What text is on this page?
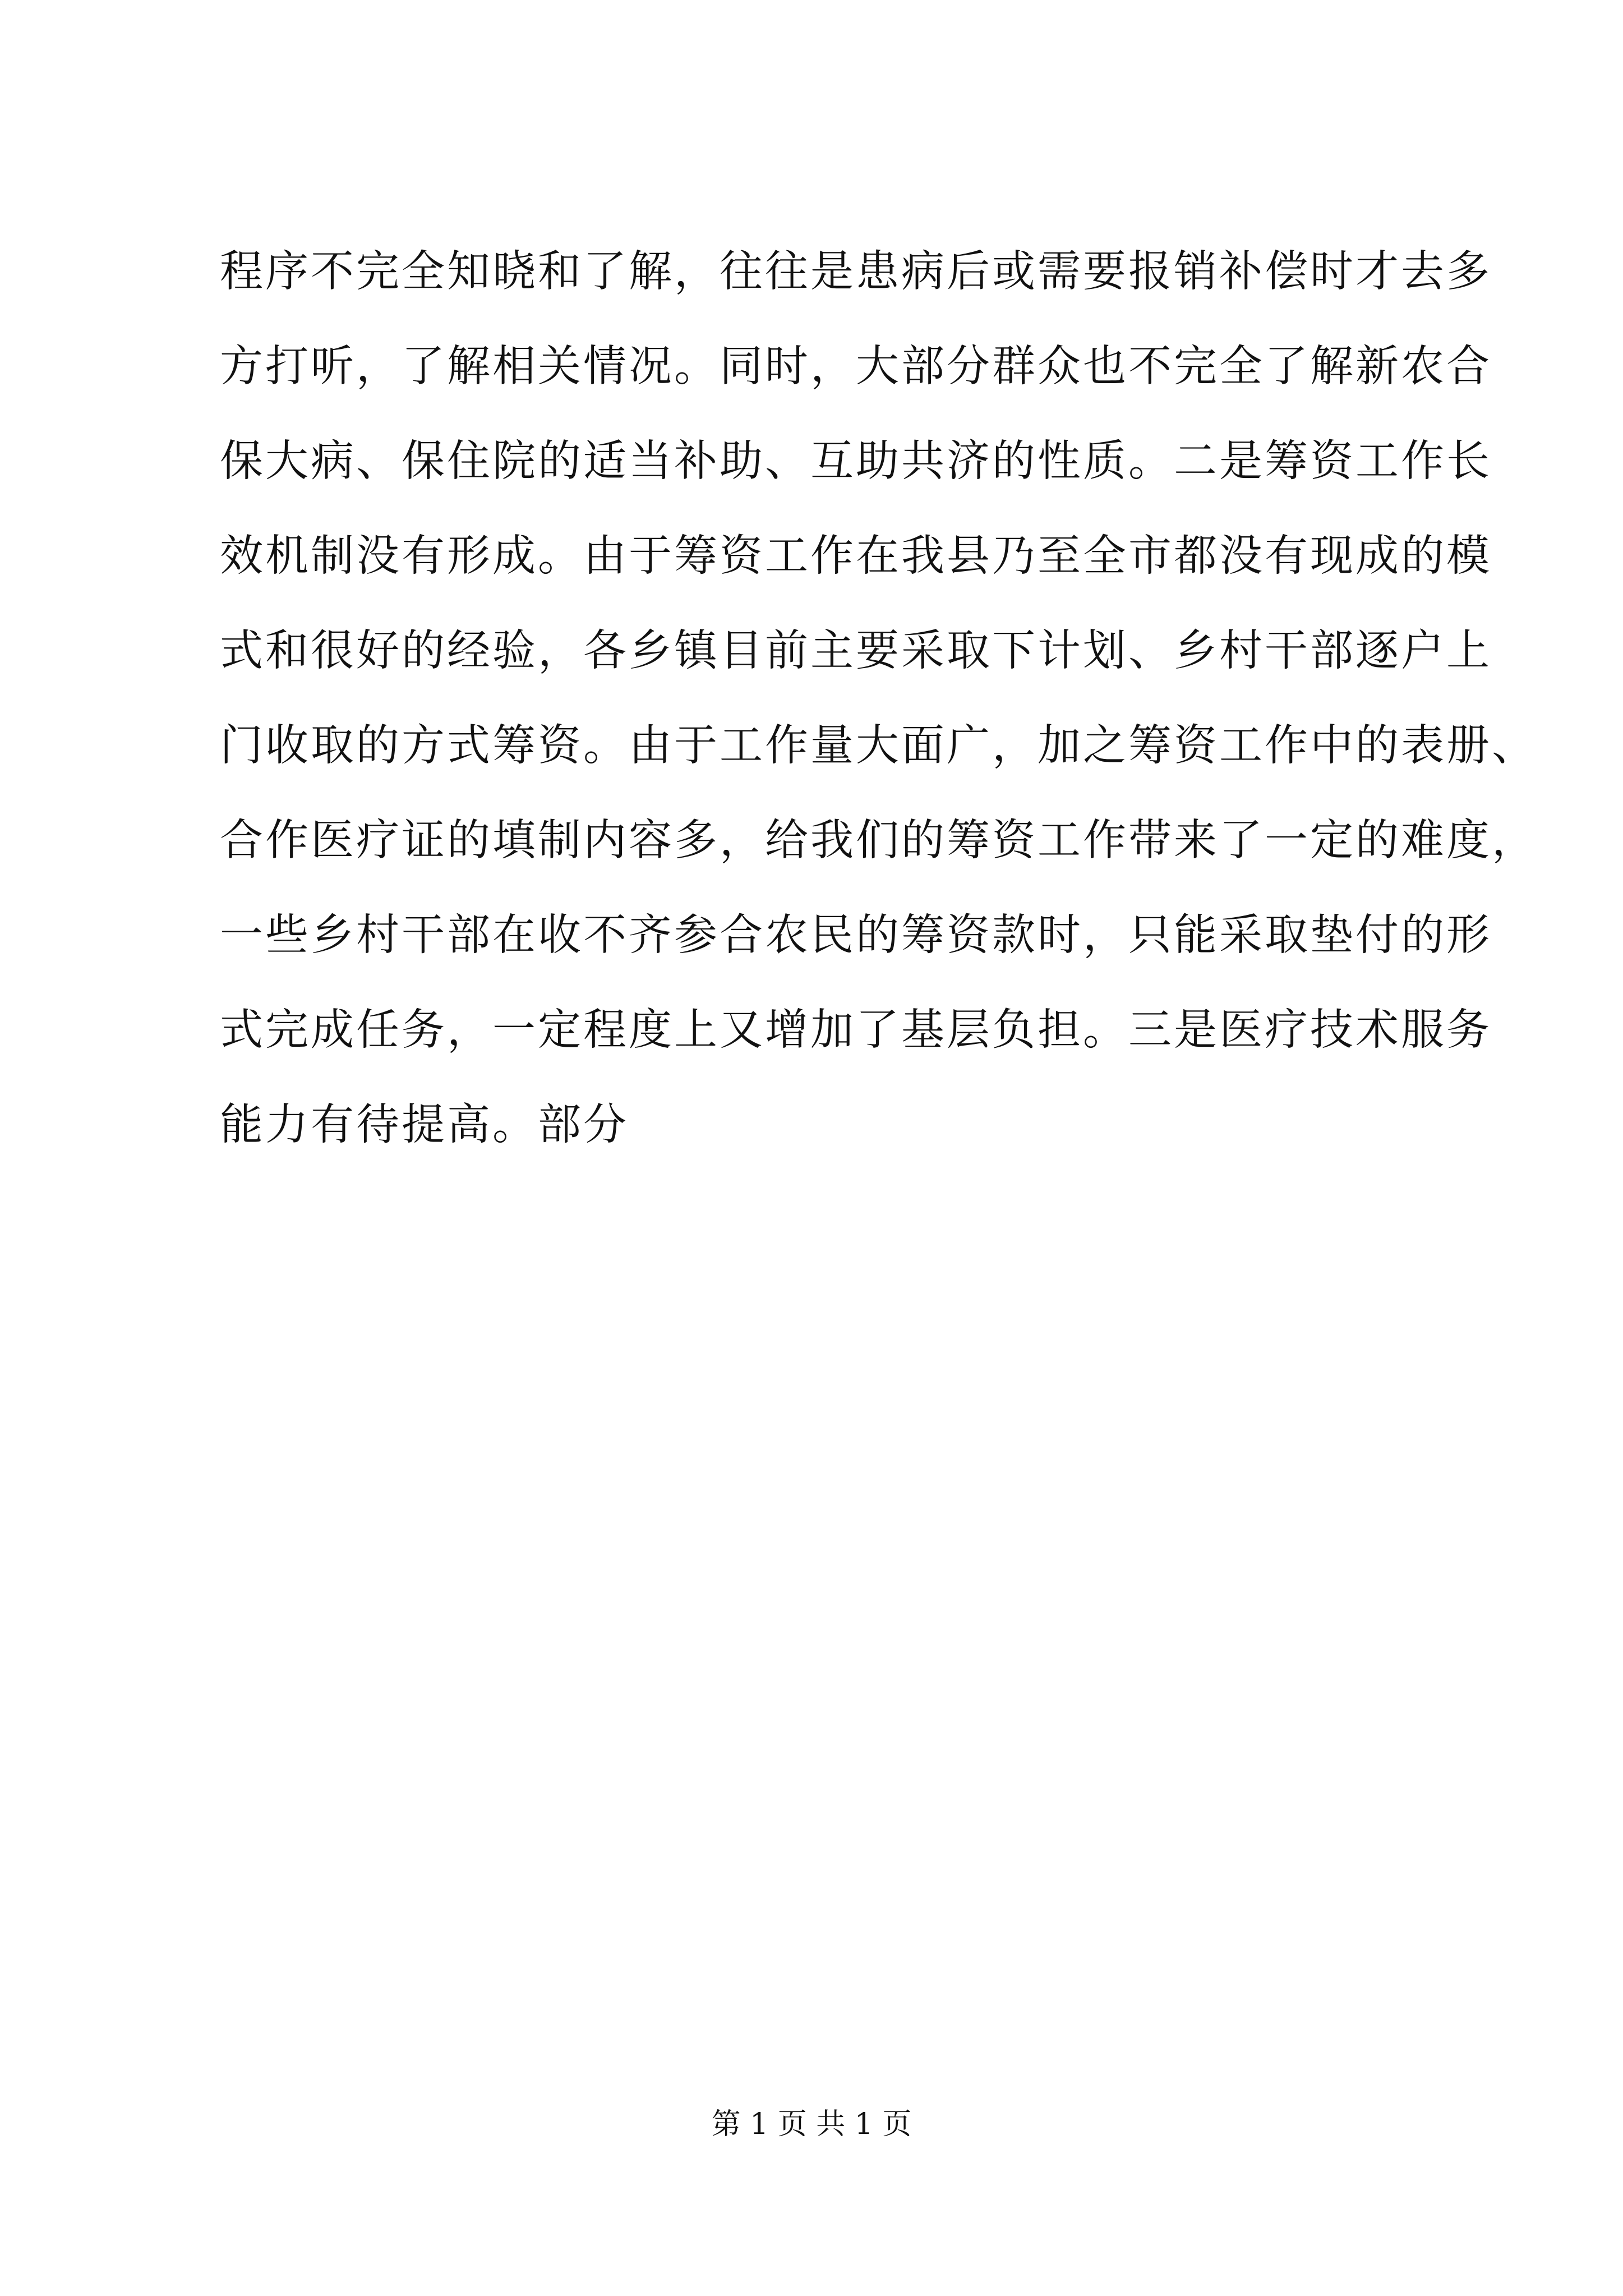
程序不完全知晓和了解，往往是患病后或需要报销补偿时才去多
方打听，了解相关情况。同时，大部分群众也不完全了解新农合
保大病、保住院的适当补助、互助共济的性质。二是筹资工作长
效机制没有形成。由于筹资工作在我县乃至全市都没有现成的模
式和很好的经验，各乡镇目前主要采取下计划、乡村干部逐户上
门收取的方式筹资。由于工作量大面广，加之筹资工作中的表册、
合作医疗证的填制内容多，给我们的筹资工作带来了一定的难度，
一些乡村干部在收不齐参合农民的筹资款时，只能采取垫付的形
式完成任务，一定程度上又增加了基层负担。三是医疗技术服务
能力有待提高。部分
第 1 页 共 1 页
